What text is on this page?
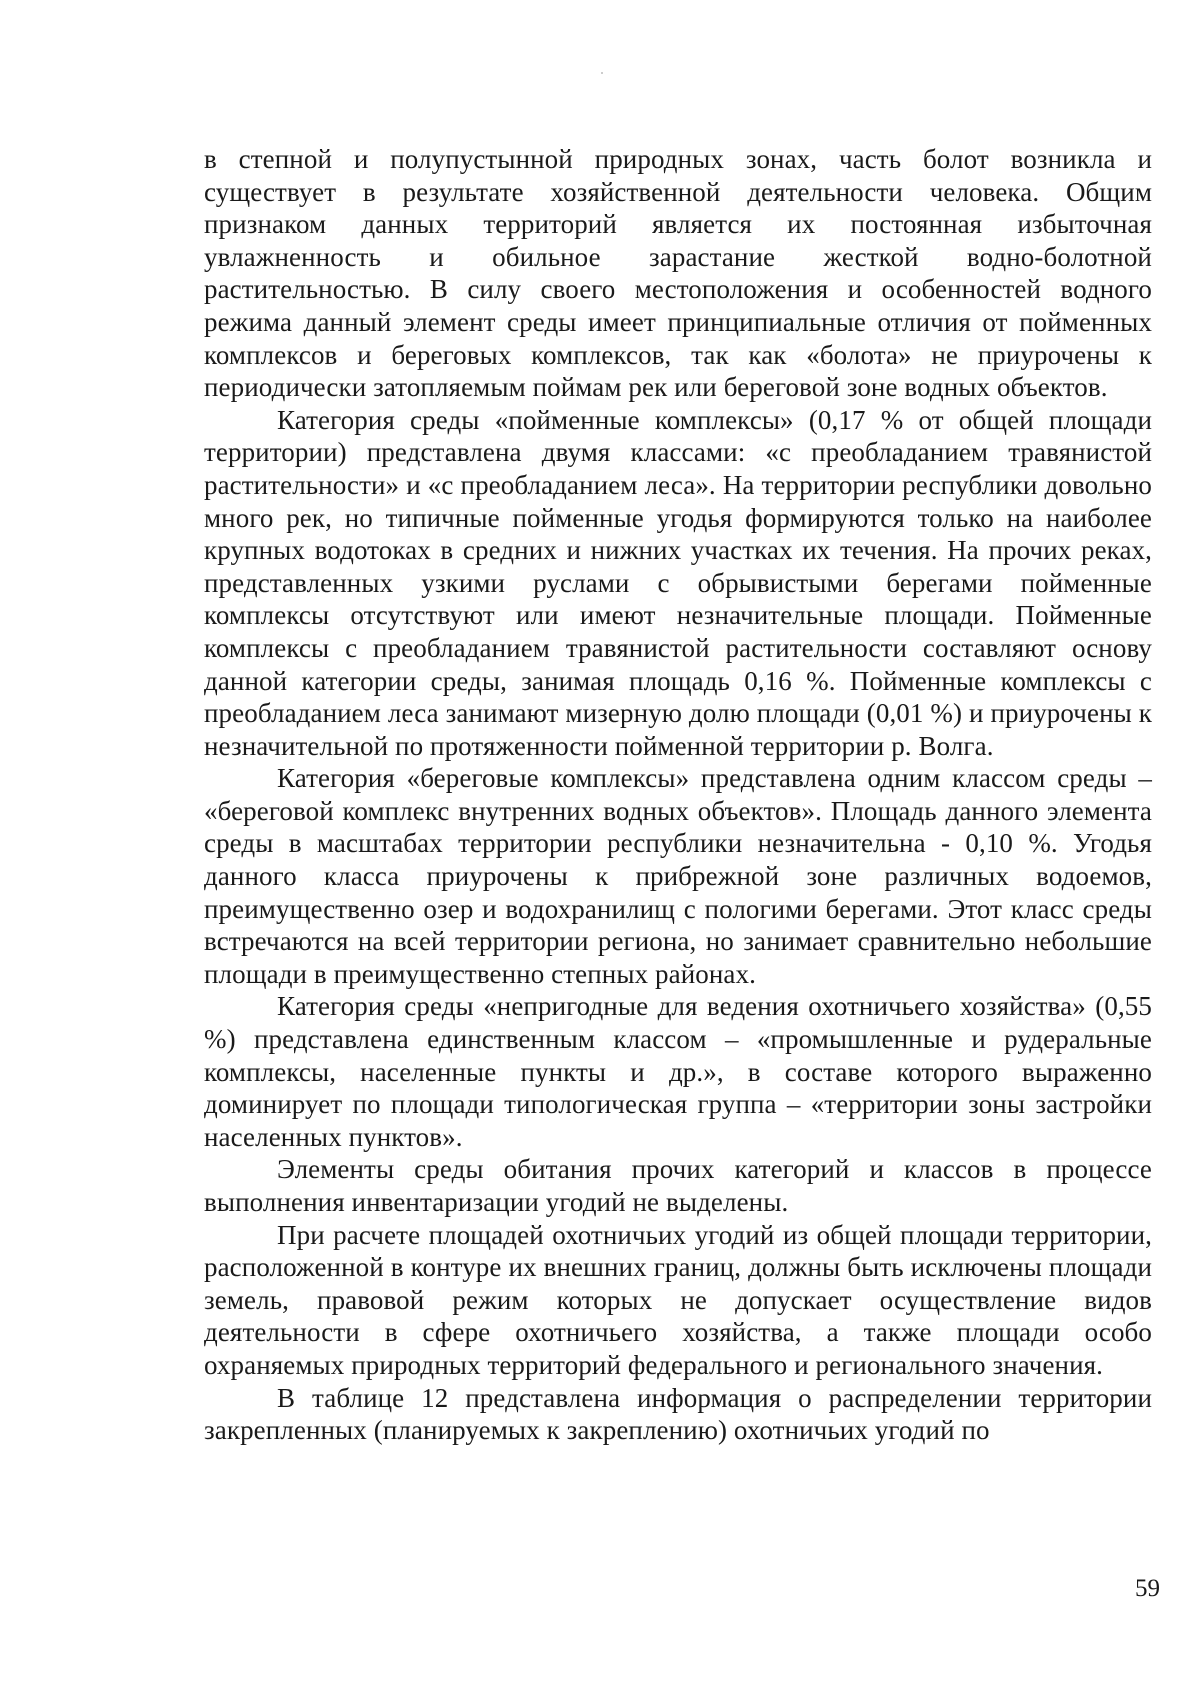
в степной и полупустынной природных зонах, часть болот возникла и существует в результате хозяйственной деятельности человека. Общим признаком данных территорий является их постоянная избыточная увлажненность и обильное зарастание жесткой водно-болотной растительностью. В силу своего местоположения и особенностей водного режима данный элемент среды имеет принципиальные отличия от пойменных комплексов и береговых комплексов, так как «болота» не приурочены к периодически затопляемым поймам рек или береговой зоне водных объектов.

Категория среды «пойменные комплексы» (0,17 % от общей площади территории) представлена двумя классами: «с преобладанием травянистой растительности» и «с преобладанием леса». На территории республики довольно много рек, но типичные пойменные угодья формируются только на наиболее крупных водотоках в средних и нижних участках их течения. На прочих реках, представленных узкими руслами с обрывистыми берегами пойменные комплексы отсутствуют или имеют незначительные площади. Пойменные комплексы с преобладанием травянистой растительности составляют основу данной категории среды, занимая площадь 0,16 %. Пойменные комплексы с преобладанием леса занимают мизерную долю площади (0,01 %) и приурочены к незначительной по протяженности пойменной территории р. Волга.

Категория «береговые комплексы» представлена одним классом среды – «береговой комплекс внутренних водных объектов». Площадь данного элемента среды в масштабах территории республики незначительна - 0,10 %. Угодья данного класса приурочены к прибрежной зоне различных водоемов, преимущественно озер и водохранилищ с пологими берегами. Этот класс среды встречаются на всей территории региона, но занимает сравнительно небольшие площади в преимущественно степных районах.

Категория среды «непригодные для ведения охотничьего хозяйства» (0,55 %) представлена единственным классом – «промышленные и рудеральные комплексы, населенные пункты и др.», в составе которого выраженно доминирует по площади типологическая группа – «территории зоны застройки населенных пунктов».

Элементы среды обитания прочих категорий и классов в процессе выполнения инвентаризации угодий не выделены.

При расчете площадей охотничьих угодий из общей площади территории, расположенной в контуре их внешних границ, должны быть исключены площади земель, правовой режим которых не допускает осуществление видов деятельности в сфере охотничьего хозяйства, а также площади особо охраняемых природных территорий федерального и регионального значения.

В таблице 12 представлена информация о распределении территории закрепленных (планируемых к закреплению) охотничьих угодий по

59
